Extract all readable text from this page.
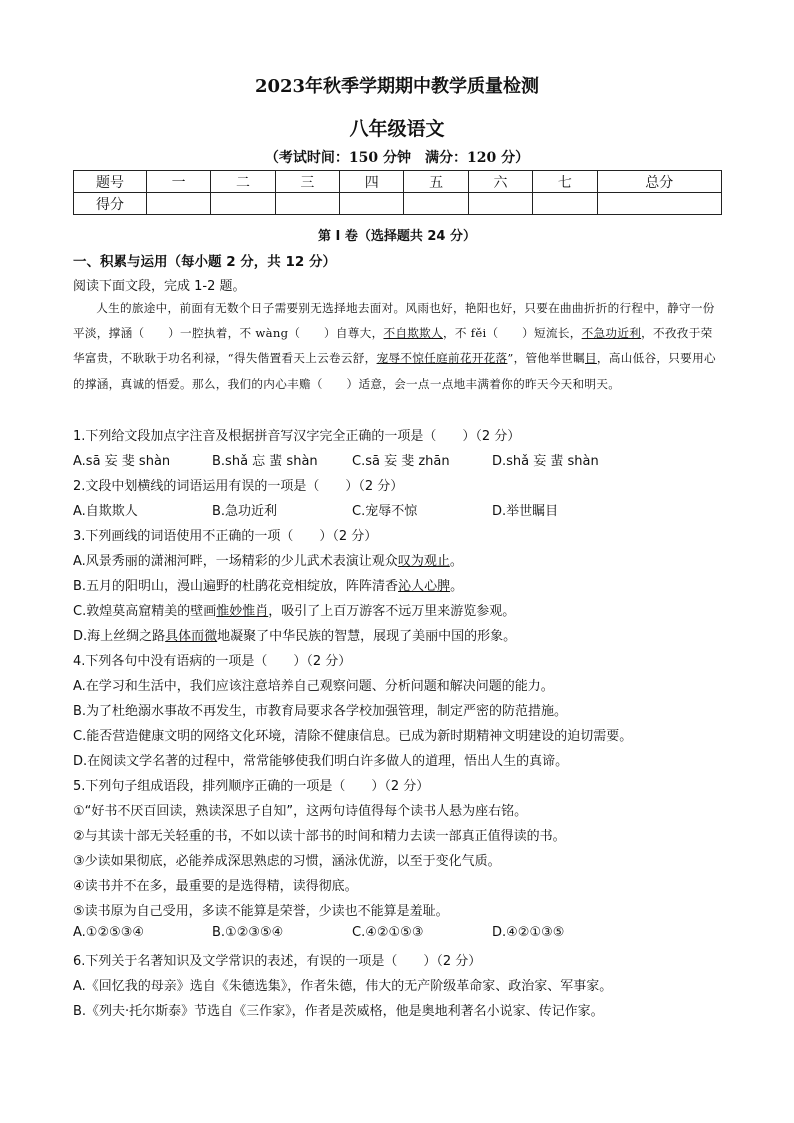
2023年秋季学期期中教学质量检测
八年级语文
（考试时间：150 分钟　满分：120 分）
题号	一	二	三	四	五	六	七	总分
得分								
第 I 卷（选择题共 24 分）
一、积累与运用（每小题 2 分，共 12 分）
阅读下面文段，完成 1-2 题。
人生的旅途中，前面有无数个日子需要别无选择地去面对。风雨也好，艳阳也好，只要在曲曲折折的行程中，静守一份平淡，撑涵（　　）一腔执着，不 wàng（　　）自尊大，不自欺欺人，不 fěi（　　）短流长，不急功近利，不孜孜于荣华富贵，不耿耿于功名利禄，“得失偕置看天上云卷云舒，宠辱不惊任庭前花开花落”，管他举世瞩目，高山低谷，只要用心的撑涵，真诚的悟爱。那么，我们的内心丰赡（　　）适意，会一点一点地丰满着你的昨天今天和明天。
1.下列给文段加点字注音及根据拼音写汉字完全正确的一项是（　　）（2 分）
A.sā 妄 斐 shàn	B.shǎ 忘 蜚 shàn	C.sā 妄 斐 zhān	D.shǎ 妄 蜚 shàn
2.文段中划横线的词语运用有误的一项是（　　）（2 分）
A.自欺欺人	B.急功近利	C.宠辱不惊	D.举世瞩目
3.下列画线的词语使用不正确的一项（　　）（2 分）
A.风景秀丽的潇湘河畔，一场精彩的少儿武术表演让观众叹为观止。
B.五月的阳明山，漫山遍野的杜鹃花竞相绽放，阵阵清香沁人心脾。
C.敦煌莫高窟精美的壁画惟妙惟肖，吸引了上百万游客不远万里来游览参观。
D.海上丝绸之路具体而微地凝聚了中华民族的智慧，展现了美丽中国的形象。
4.下列各句中没有语病的一项是（　　）（2 分）
A.在学习和生活中，我们应该注意培养自己观察问题、分析问题和解决问题的能力。
B.为了杜绝溺水事故不再发生，市教育局要求各学校加强管理，制定严密的防范措施。
C.能否营造健康文明的网络文化环境，清除不健康信息。已成为新时期精神文明建设的迫切需要。
D.在阅读文学名著的过程中，常常能够使我们明白许多做人的道理，悟出人生的真谛。
5.下列句子组成语段，排列顺序正确的一项是（　　）（2 分）
①“好书不厌百回读，熟读深思子自知”，这两句诗值得每个读书人悬为座右铭。
②与其读十部无关轻重的书，不如以读十部书的时间和精力去读一部真正值得读的书。
③少读如果彻底，必能养成深思熟虑的习惯，涵泳优游，以至于变化气质。
④读书并不在多，最重要的是选得精，读得彻底。
⑤读书原为自己受用，多读不能算是荣誉，少读也不能算是羞耻。
A.①②⑤③④	B.①②③⑤④	C.④②①⑤③	D.④②①③⑤
6.下列关于名著知识及文学常识的表述，有误的一项是（　　）（2 分）
A.《回忆我的母亲》选自《朱德选集》，作者朱德，伟大的无产阶级革命家、政治家、军事家。
B.《列夫·托尔斯泰》节选自《三作家》，作者是茨威格，他是奥地利著名小说家、传记作家。
